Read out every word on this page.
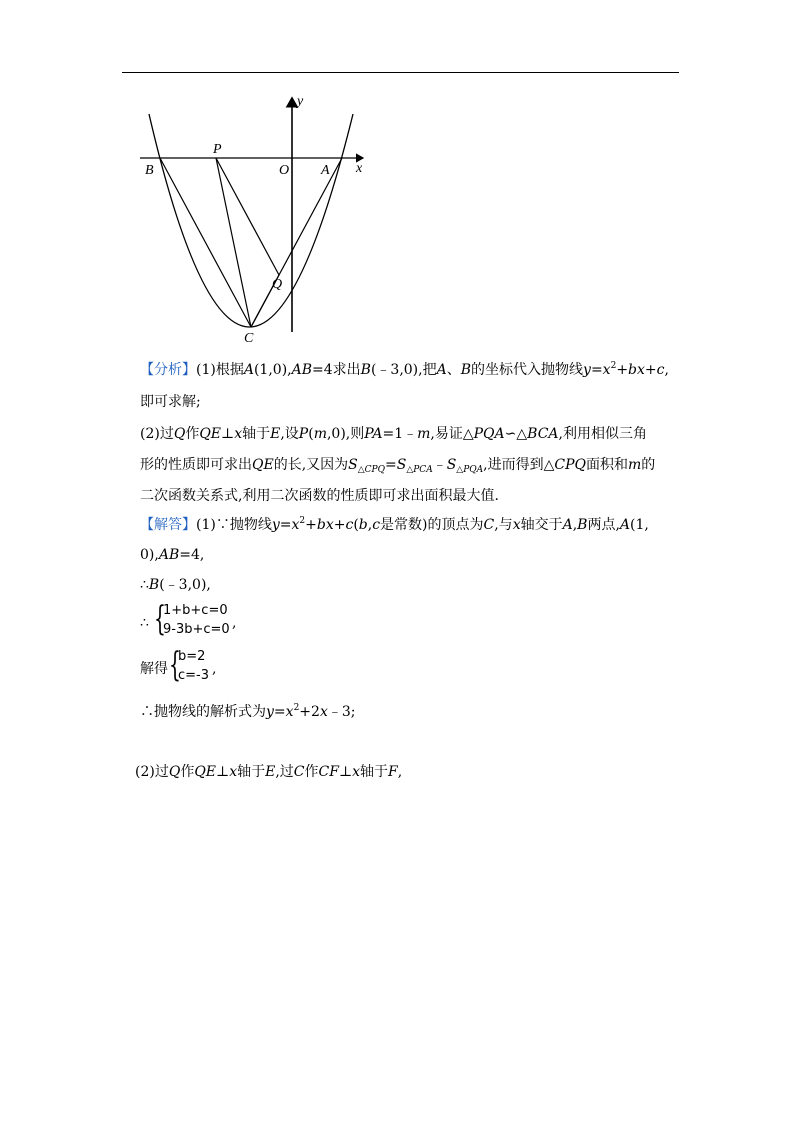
y
x
O A
B
P
Q
C
【分析】(1)根据A(1,0),AB=4求出B(﹣3,0),把A、B的坐标代入抛物线$y=x^2+bx+c$,
即可求解;
(2)过Q作QE⊥x轴于E,设P(m,0),则PA=1﹣m,易证△PQA∽△BCA,利用相似三角
形的性质即可求出QE的长,又因为$S_{\triangle CPQ}=S_{\triangle PCA}﹣S_{\triangle PQA}$,进而得到△CPQ面积和m的
二次函数关系式,利用二次函数的性质即可求出面积最大值.
【解答】(1)∵抛物线$y=x^2+bx+c(b,c$是常数)的顶点为C,与x轴交于A,B两点,A(1,
0),AB=4,
∴B(﹣3,0),
∴ {
1+b+c=0
9-3b+c=0 ,
解得 {
b=2
c=-3 ,
∴抛物线的解析式为$y=x^2+2x﹣3$;
(2)过Q作QE⊥x轴于E,过C作CF⊥x轴于F,
